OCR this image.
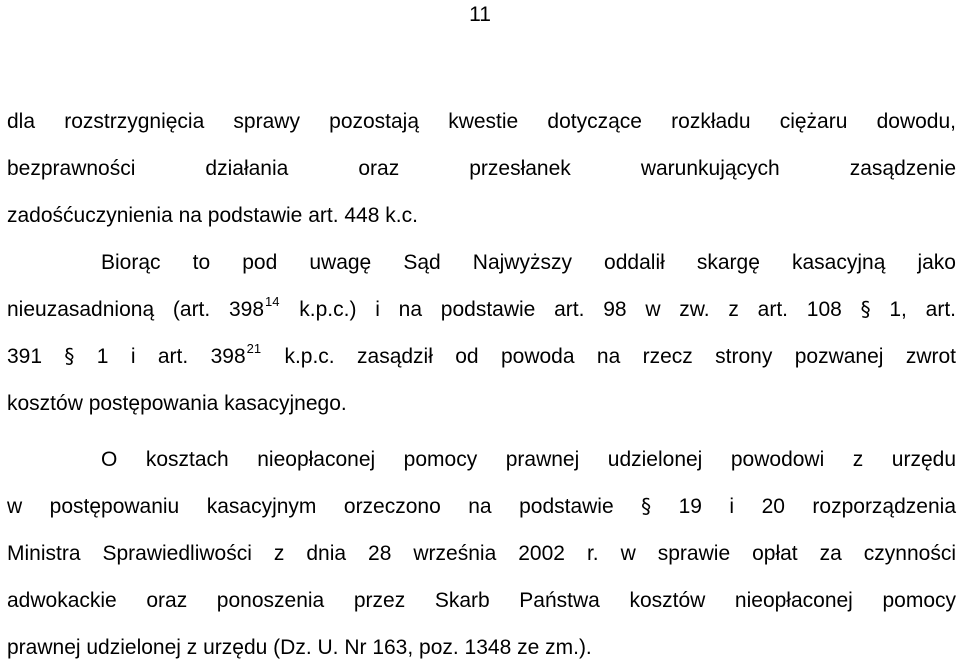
11
dla rozstrzygnięcia sprawy pozostają kwestie dotyczące rozkładu ciężaru dowodu,
bezprawności działania oraz przesłanek warunkujących zasądzenie
zadośćuczynienia na podstawie art. 448 k.c.
Biorąc to pod uwagę Sąd Najwyższy oddalił skargę kasacyjną jako
nieuzasadnioną (art. $398^{14}$ k.p.c.) i na podstawie art. 98 w zw. z art. 108 § 1, art.
391 § 1 i art. $398^{21}$ k.p.c. zasądził od powoda na rzecz strony pozwanej zwrot
kosztów postępowania kasacyjnego.
O kosztach nieopłaconej pomocy prawnej udzielonej powodowi z urzędu
w postępowaniu kasacyjnym orzeczono na podstawie § 19 i 20 rozporządzenia
Ministra Sprawiedliwości z dnia 28 września 2002 r. w sprawie opłat za czynności
adwokackie oraz ponoszenia przez Skarb Państwa kosztów nieopłaconej pomocy
prawnej udzielonej z urzędu (Dz. U. Nr 163, poz. 1348 ze zm.).
